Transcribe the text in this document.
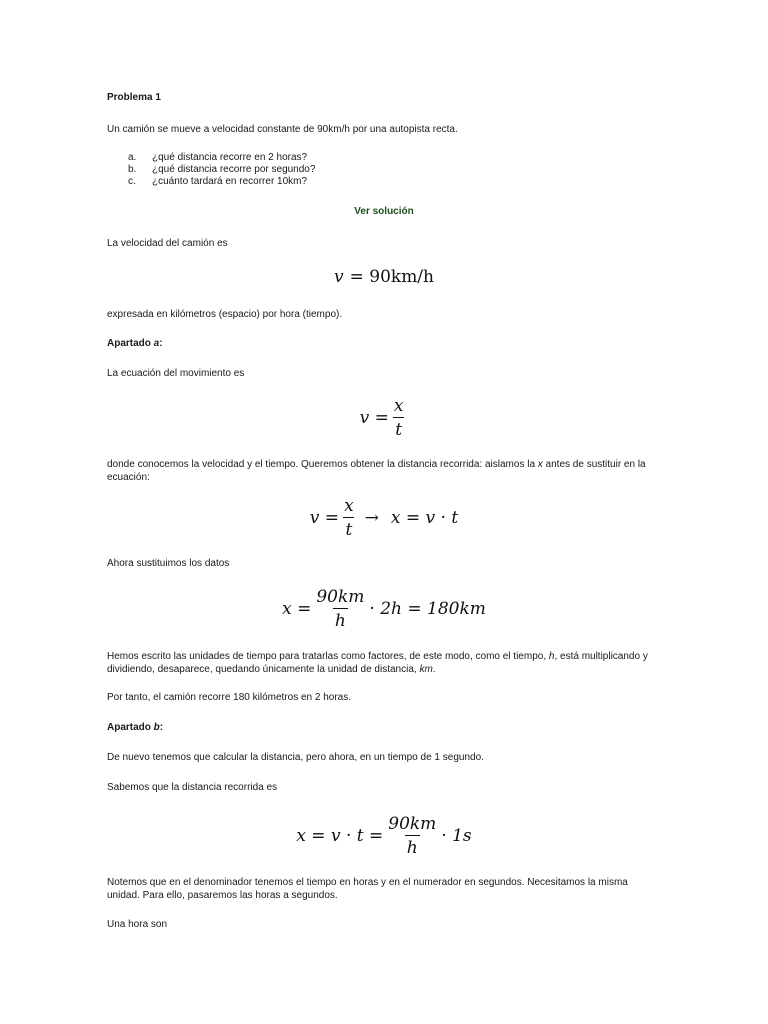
Problema 1
Un camión se mueve a velocidad constante de 90km/h por una autopista recta.
a.	¿qué distancia recorre en 2 horas?
b.	¿qué distancia recorre por segundo?
c.	¿cuánto tardará en recorrer 10km?
Ver solución
La velocidad del camión es
v = 90km/h
expresada en kilómetros (espacio) por hora (tiempo).
Apartado a:
La ecuación del movimiento es
$v = \frac{x}{t}$
donde conocemos la velocidad y el tiempo. Queremos obtener la distancia recorrida: aislamos la x antes de sustituir en la ecuación:
$v = \frac{x}{t} \to x = v \cdot t$
Ahora sustituimos los datos
$x = \frac{90km}{h} \cdot 2h = 180km$
Hemos escrito las unidades de tiempo para tratarlas como factores, de este modo, como el tiempo, h, está multiplicando y dividiendo, desaparece, quedando únicamente la unidad de distancia, km.
Por tanto, el camión recorre 180 kilómetros en 2 horas.
Apartado b:
De nuevo tenemos que calcular la distancia, pero ahora, en un tiempo de 1 segundo.
Sabemos que la distancia recorrida es
$x = v \cdot t = \frac{90km}{h} \cdot 1s$
Notemos que en el denominador tenemos el tiempo en horas y en el numerador en segundos. Necesitamos la misma unidad. Para ello, pasaremos las horas a segundos.
Una hora son
